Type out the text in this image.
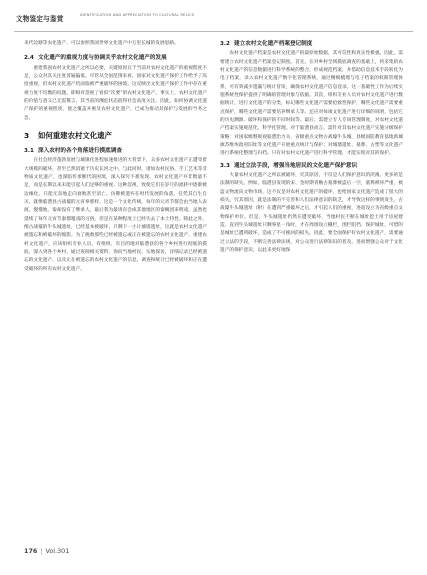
文物鉴定与鉴赏	IDENTIFICATION AND APPRECIATION TO CULTURAL RELICS

来代边塘等农化遗产，可以参照我国世界文化遗产中万里长城的发展思路。

2.4 文化遗产的重视力度与协调关乎农村文化遗产的发展

重建我国农村文化遗产之所以必要，关键原因在于当前对农村文化遗产的重视程度不足，公众对其关注度普遍偏低。尽管从全国范围来看，国家对文化遗产保护工作给予了高度重视，但农村文化遗产仍面临被严重破坏的困境。这反映出文化遗产保护工作中存在重视力度不均衡的问题，即相对忽视了看似“次要”的农村文化遗产。事实上，农村文化遗产的价值与意义已无需赘言，其当前的濒危状态值得社会高度关注。因此，如何协调文化遗产保护的重视程度，使之覆盖并惠及农村文化遗产，已成为推动其保护与发展的当务之急。

3 如何重建农村文化遗产
3.1 深入农村的各个角落进行摸底调查

在社会经济蓬勃发展与城镇化进程加速推进的大背景下，众多农村文化遗产正遭受着大规模的破坏，甚至已然消逝于历史长河之中。与此同时，诸如农村民俗、手工艺术等非物质文化遗产，也深陷传承断代的困境，深入探究不难发现，农村文化遗产并非数量不足，而是长期以来未能引起人们足够的重视。这种忽视，致使它们在岁月的流转中逐渐被边缘化，只能无奈地走向衰败甚至消亡。仿佛被遗弃在时代发展的角落，任凭其自生自灭。就像临澧县古战壕的元宵拳那样，这是一个文化传统，每年的元宵节都会由当地人表演，慢慢地，秦却没有了继承人，最后我为最请省会成其他地区的秦阙团来明戏，虽然也延续了每年元宵节秦郡嘎戏的习俗，但是在某种程度上已经失去了本土特性。除此之外，像古战壕的牛头城遗址，已经基本被破坏，只剩下一小片城墙遗址，这就是农村文化遗产被遗忘和被破坏的缩影。为了挽救那些已经被遗忘或正在被遗忘的农村文化遗产，重建农村文化遗产，应该组织专业人员，有组织、有目的地对临澧县的各个乡村进行彻底的摸底，深入到各个乡村，通过查阅相关资料、询问当地村民、实地探访，详细记录已经被遗忘的文化遗产、以及正在被遗忘的农村文化遗产的信息，调查和统计已经被破坏和正在遭受破坏的所有农村文化遗产。

3.2 建立农村文化遗产档案登记制度

农村文化遗产档案是农村文化遗产的最原始数据，其可信性和真实性极强。因此，需要建立农村文化遗产档案登记制度。首先，在对乡村全域摸底调查的基础上，将采集的农村文化遗产的信息数据进行科学系统的整合，形成规范档案，并借助信息技术手段转化为电子档案，录入农村文化遗产数字化管理系统，通过精细梳理与电子档案的权限管理体系，可有效减少遗漏与统计冒误，确保农村文化遗产信息登录。这一基础性工作为后续实施系统性保护提供了明确的管理对象与依据。其次，组织专业人员对农村文化遗产进行数据统计，进行文化遗产的分类，标记哪些文化遗产需要抢救性保护，哪些文化遗产需要重点保护，哪些文化遗产需要培养继承人等。还应对每项文化遗产进行详细的说明，包括它的历史渊源、破坏和保护的不同时间等。最后，需建立专人专岗管理制度，对农村文化遗产档案实施规范化、科学化管理。对于临澧县而言，需针对其农村文化遗产实施分级保护策略：对国家级暨规观临澧治力关、省级重点文物古战壕牛头城，县级国防教育基地新城旗苏维埃政府旧址等文化遗产开展重点统计与保护；对城墙遗址、墓葬、古塑等文化遗产进行系统化整理与归档。只有对农村文化遗产进行科学管理，才能实现对其的保护。

3.3 通过立法手段，增强当地居民的文化遗产保护意识

大量农村文化遗产之所以被破坏，究其原因，不仅是人们保护意识的淡薄，更多的是法制的缺失。例如，临澧县发现的宋、金时期青釉古墓葬被盗后一空，墓葬被坏严重，被盗文物流向文物市场，这不仅是对农村文化遗产的破坏，也给国家文化遗产造成了很大的损失。究其原因，就是法制的不完善和人们法律意识的缺乏，才导致这样的事情发生。古战壕牛头城遗址（附）在遭到严重破坏之后，才引起人们的重视，进而设立为省级重点文物保护单位。但是，牛头城遗址仍然在遭受破坏，当地村民不断在城址挖土用于房屋建造，直到牛头城遗址只剩零星一角时，才在周围设立栅栏，围栏阻挡、保护城址，可惜的是城址已遭到破坏，造成了不可挽回的损失。因此，要全面保护好农村文化遗产，需要通过立法的手段，不断完善法律法规，对公众进行法律知识的普及，进而增强公众对于文化遗产的保护意识，以此来更好地保

176 | Vol.301
